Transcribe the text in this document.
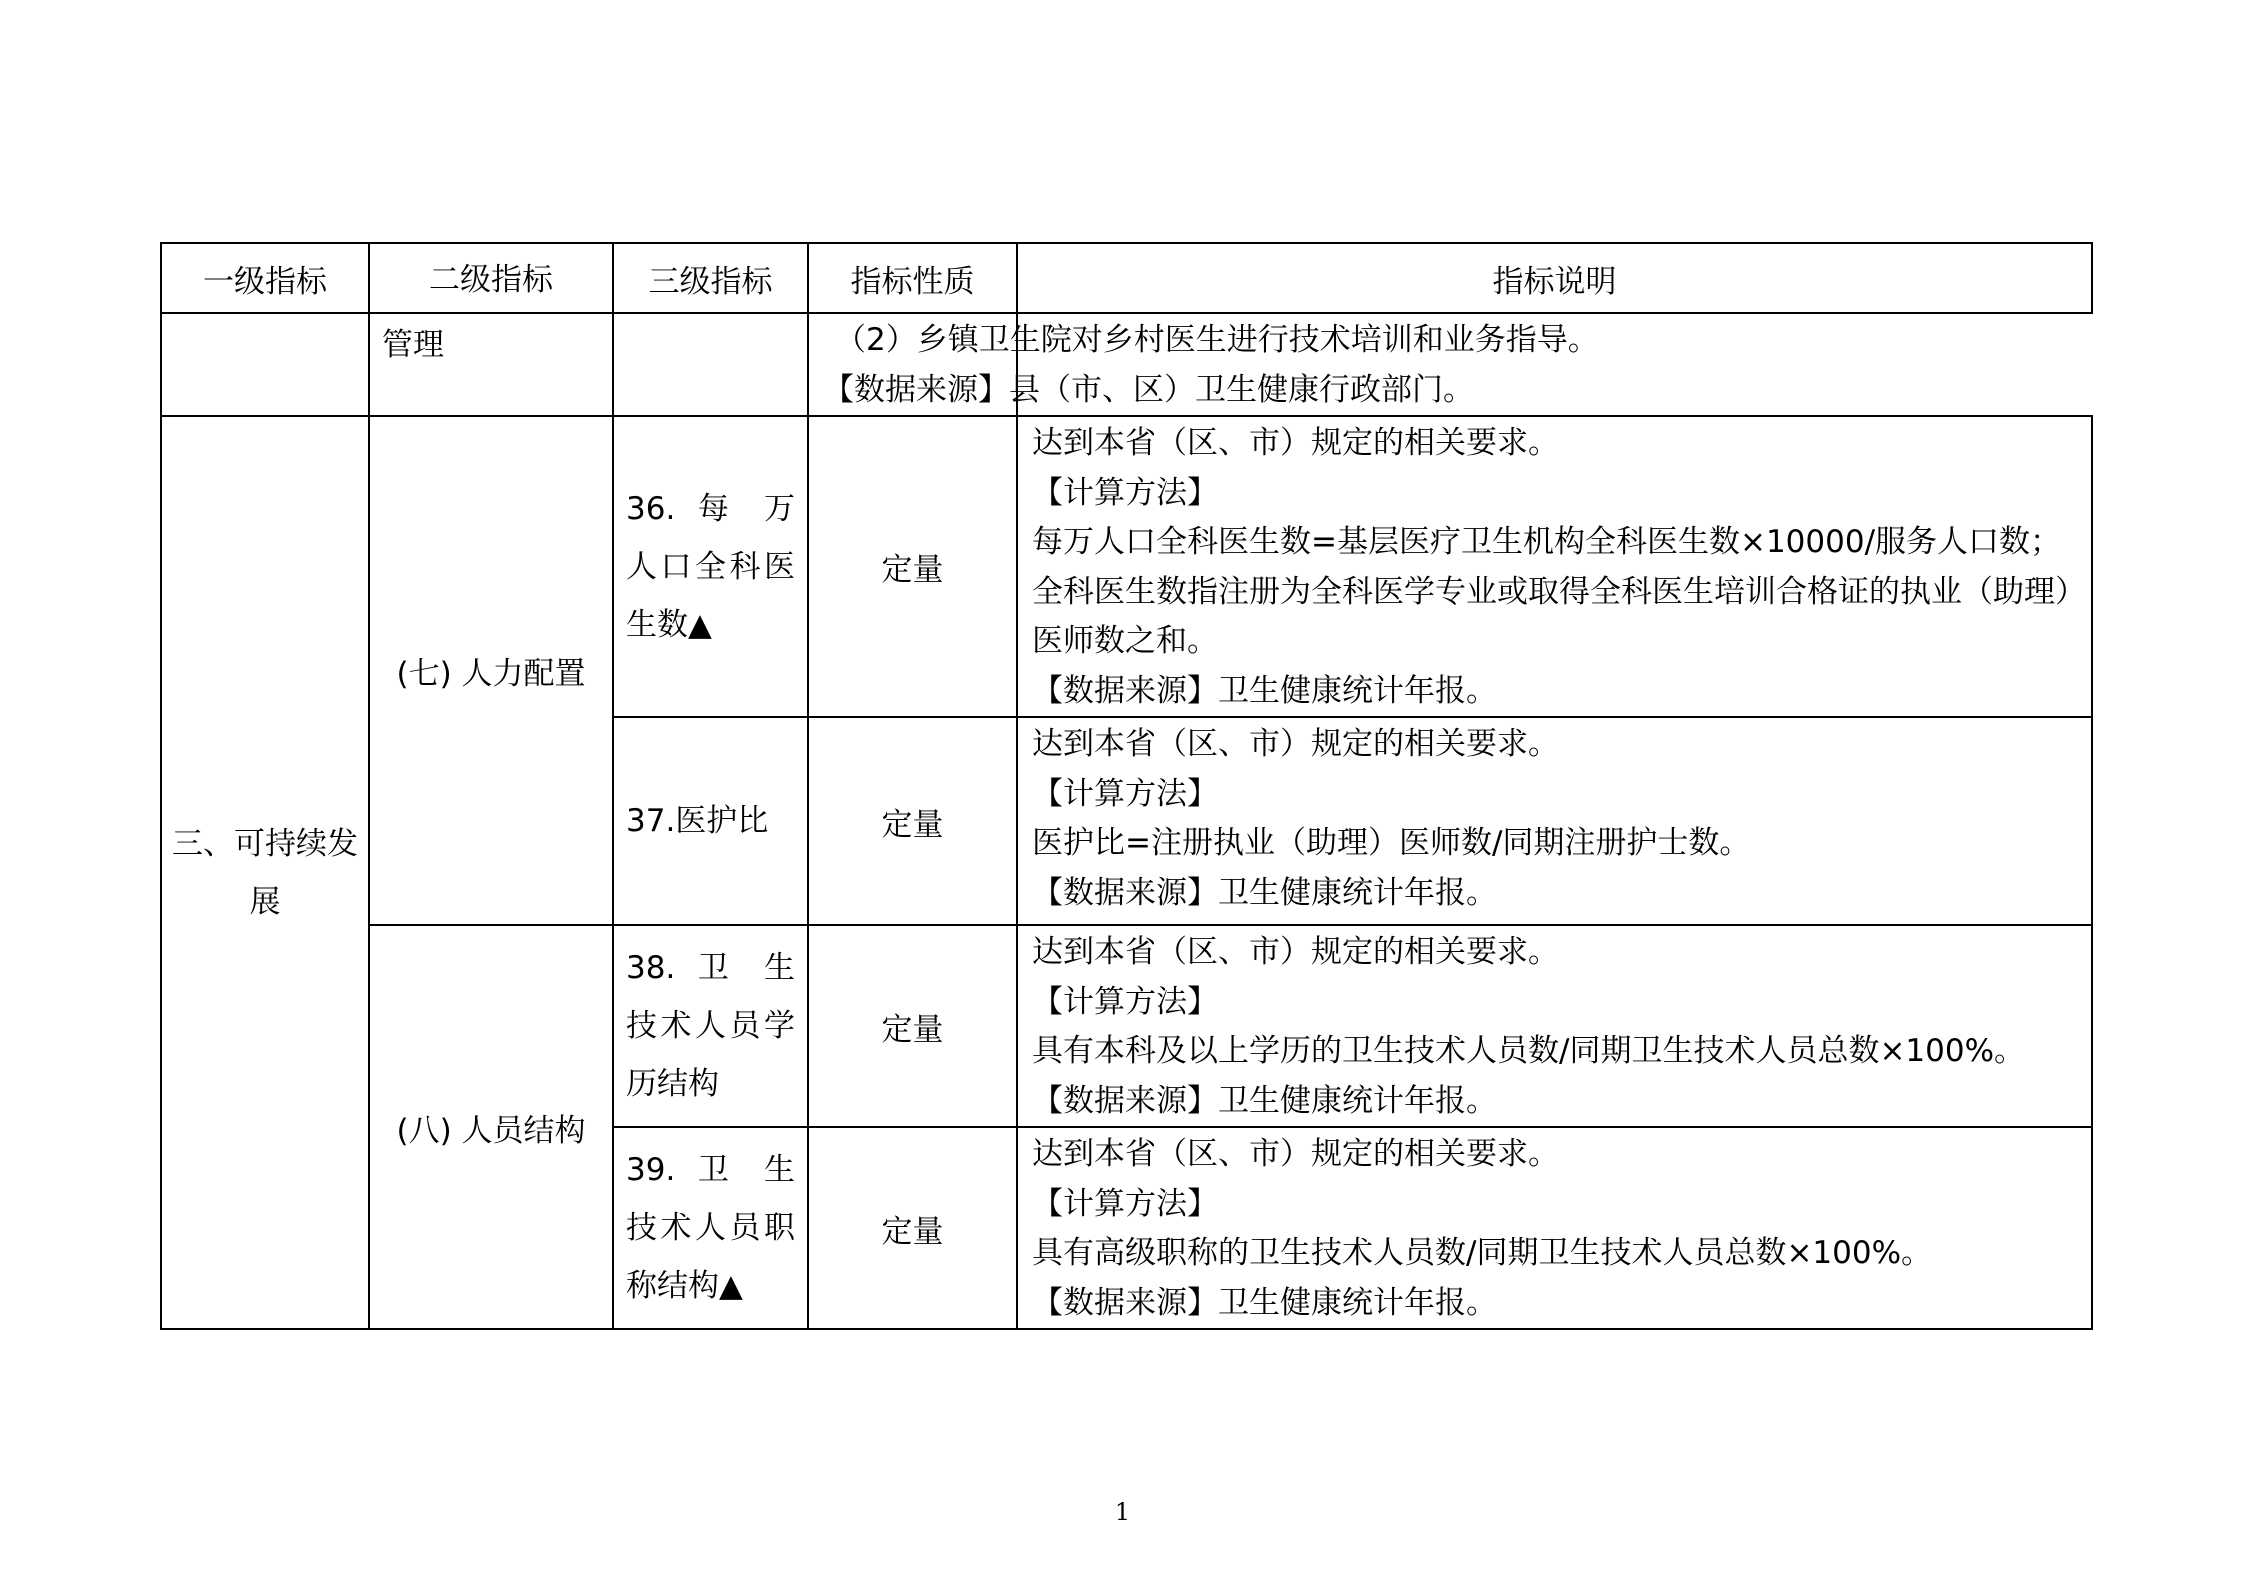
一级指标	二级指标	三级指标	指标性质	指标说明

	管理		（2）乡镇卫生院对乡村医生进行技术培训和业务指导。
【数据来源】县（市、区）卫生健康行政部门。	

三、可持续发展	(七) 人力配置	36. 每 万 人口全科医生数▲	定量	达到本省（区、市）规定的相关要求。
【计算方法】
每万人口全科医生数=基层医疗卫生机构全科医生数×10000/服务人口数；
全科医生数指注册为全科医学专业或取得全科医生培训合格证的执业（助理）医师数之和。
【数据来源】卫生健康统计年报。

		37.医护比	定量	达到本省（区、市）规定的相关要求。
【计算方法】
医护比=注册执业（助理）医师数/同期注册护士数。
【数据来源】卫生健康统计年报。

	(八) 人员结构	38. 卫 生 技术人员学历结构	定量	达到本省（区、市）规定的相关要求。
【计算方法】
具有本科及以上学历的卫生技术人员数/同期卫生技术人员总数×100%。
【数据来源】卫生健康统计年报。

		39. 卫 生 技术人员职称结构▲	定量	达到本省（区、市）规定的相关要求。
【计算方法】
具有高级职称的卫生技术人员数/同期卫生技术人员总数×100%。
【数据来源】卫生健康统计年报。
1
